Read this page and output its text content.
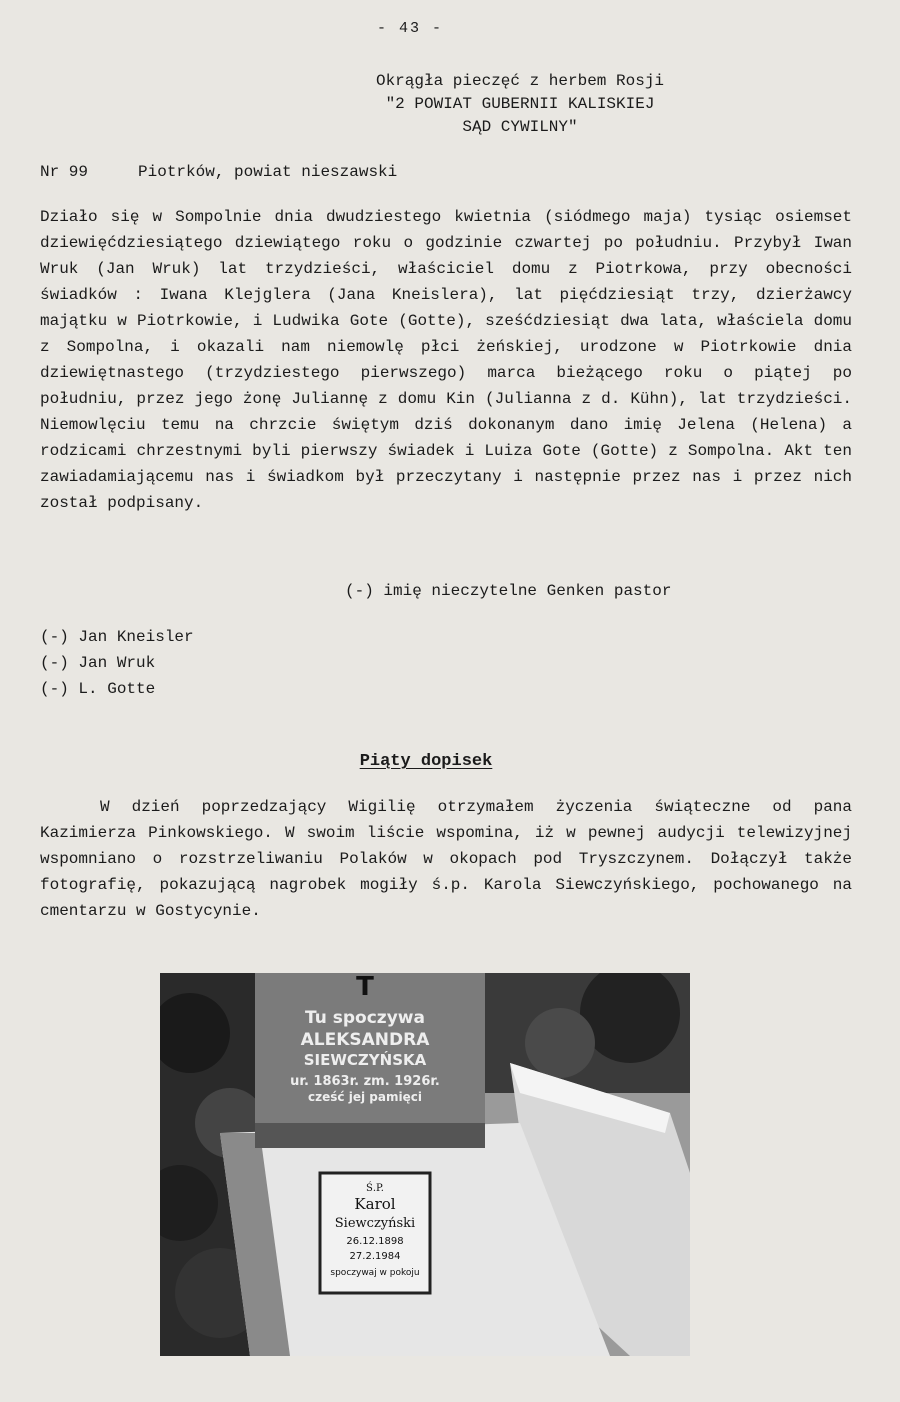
- 43 -
Okrągła pieczęć z herbem Rosji
"2 POWIAT GUBERNII KALISKIEJ
SĄD CYWILNY"
Nr 99	Piotrków, powiat nieszawski

Działo się w Sompolnie dnia dwudziestego kwietnia (siódmego maja) tysiąc osiemset dziewięćdziesiątego dziewiątego roku o godzinie czwartej po południu. Przybył Iwan Wruk (Jan Wruk) lat trzydzieści, właściciel domu z Piotrkowa, przy obecności świadków : Iwana Klejglera (Jana Kneislera), lat pięćdziesiąt trzy, dzierżawcy majątku w Piotrkowie, i Ludwika Gote (Gotte), sześćdziesiąt dwa lata, właściela domu z Sompolna, i okazali nam niemowlę płci żeńskiej, urodzone w Piotrkowie dnia dziewiętnastego (trzydziestego pierwszego) marca bieżącego roku o piątej po południu, przez jego żonę Juliannę z domu Kin (Julianna z d. Kühn), lat trzydzieści. Niemowlęciu temu na chrzcie świętym dziś dokonanym dano imię Jelena (Helena) a rodzicami chrzestnymi byli pierwszy świadek i Luiza Gote (Gotte) z Sompolna. Akt ten zawiadamiającemu nas i świadkom był przeczytany i następnie przez nas i przez nich został podpisany.

(-) imię nieczytelne Genken pastor
(-) Jan Kneisler
(-) Jan Wruk
(-) L. Gotte
Piąty dopisek

W dzień poprzedzający Wigilię otrzymałem życzenia świąteczne od pana Kazimierza Pinkowskiego. W swoim liście wspomina, iż w pewnej audycji telewizyjnej wspomniano o rozstrzeliwaniu Polaków w okopach pod Tryszczynem. Dołączył także fotografię, pokazującą nagrobek mogiły ś.p. Karola Siewczyńskiego, pochowanego na cmentarzu w Gostycynie.

T
Tu spoczywa
ALEKSANDRA
SIEWCZYŃSKA
ur. 1863r. zm. 1926r.
cześć jej pamięci
Ś.P.
Karol
Siewczyński
26.12.1898
27.2.1984
spoczywaj w pokoju
